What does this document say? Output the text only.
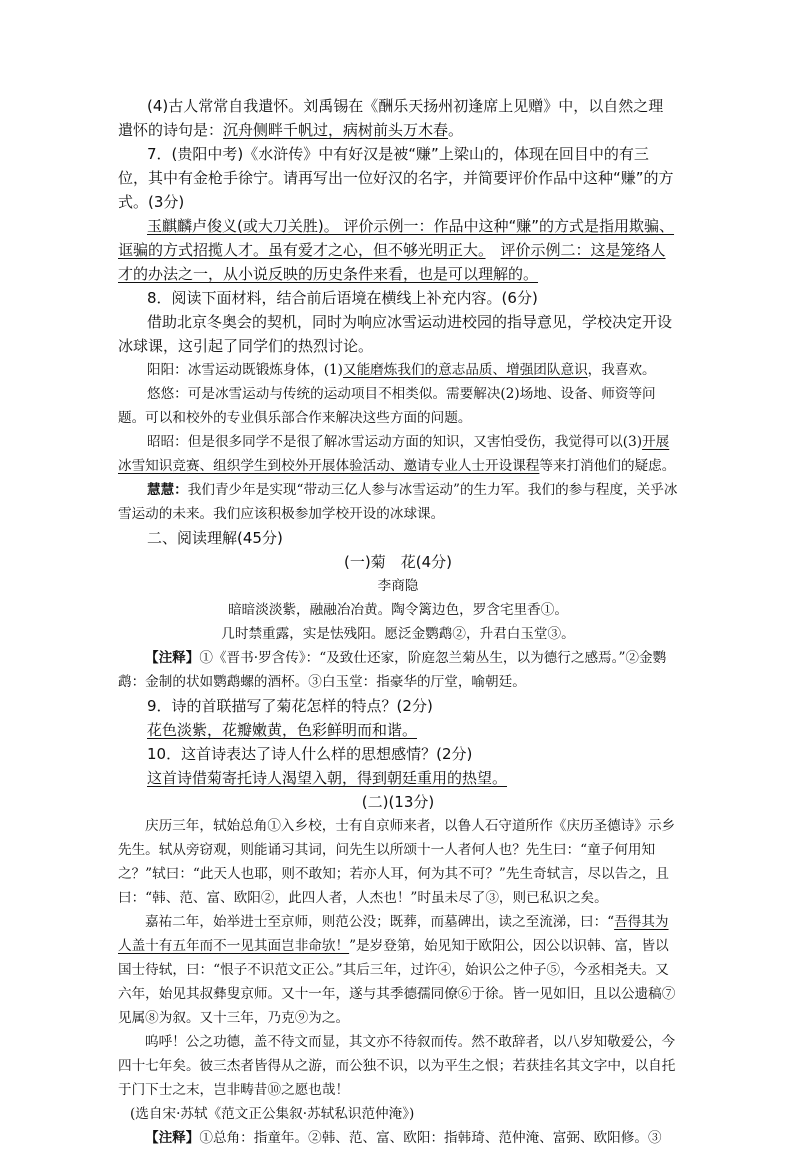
(4)古人常常自我遣怀。刘禹锡在《酬乐天扬州初逢席上见赠》中，以自然之理遣怀的诗句是：沉舟侧畔千帆过，病树前头万木春。

7．(贵阳中考)《水浒传》中有好汉是被“赚”上梁山的，体现在回目中的有三位，其中有金枪手徐宁。请再写出一位好汉的名字，并简要评价作品中这种“赚”的方式。(3分)

玉麒麟卢俊义(或大刀关胜)。 评价示例一：作品中这种“赚”的方式是指用欺骗、诓骗的方式招揽人才。虽有爱才之心，但不够光明正大。　 评价示例二：这是笼络人才的办法之一，从小说反映的历史条件来看，也是可以理解的。

8．阅读下面材料，结合前后语境在横线上补充内容。(6分)

借助北京冬奥会的契机，同时为响应冰雪运动进校园的指导意见，学校决定开设冰球课，这引起了同学们的热烈讨论。

阳阳：冰雪运动既锻炼身体，(1)又能磨炼我们的意志品质、增强团队意识，我喜欢。

悠悠：可是冰雪运动与传统的运动项目不相类似。需要解决(2)场地、设备、师资等问题。可以和校外的专业俱乐部合作来解决这些方面的问题。

昭昭：但是很多同学不是很了解冰雪运动方面的知识，又害怕受伤，我觉得可以(3)开展冰雪知识竞赛、组织学生到校外开展体验活动、邀请专业人士开设课程等来打消他们的疑虑。

慧慧：我们青少年是实现“带动三亿人参与冰雪运动”的生力军。我们的参与程度，关乎冰雪运动的未来。我们应该积极参加学校开设的冰球课。

二、阅读理解(45分)

(一)菊　花(4分)

李商隐

暗暗淡淡紫，融融冶冶黄。陶令篱边色，罗含宅里香①。

几时禁重露，实是怯残阳。愿泛金鹦鹉②，升君白玉堂③。

【注释】①《晋书·罗含传》：“及致仕还家，阶庭忽兰菊丛生，以为德行之感焉。”②金鹦鹉：金制的状如鹦鹉螺的酒杯。③白玉堂：指豪华的厅堂，喻朝廷。

9．诗的首联描写了菊花怎样的特点？(2分)

花色淡紫，花瓣嫩黄，色彩鲜明而和谐。

10．这首诗表达了诗人什么样的思想感情？(2分)

这首诗借菊寄托诗人渴望入朝，得到朝廷重用的热望。

(二)(13分)

庆历三年，轼始总角①入乡校，士有自京师来者，以鲁人石守道所作《庆历圣德诗》示乡先生。轼从旁窃观，则能诵习其词，问先生以所颂十一人者何人也？先生曰：“童子何用知之？”轼曰：“此天人也耶，则不敢知；若亦人耳，何为其不可？”先生奇轼言，尽以告之，且曰：“韩、范、富、欧阳②，此四人者，人杰也！”时虽未尽了③，则已私识之矣。

嘉祐二年，始举进士至京师，则范公没；既葬，而墓碑出，读之至流涕，曰：“吾得其为人盖十有五年而不一见其面岂非命欤！”是岁登第，始见知于欧阳公，因公以识韩、富，皆以国士待轼，曰：“恨子不识范文正公。”其后三年，过许④，始识公之仲子⑤，今丞相尧夫。又六年，始见其叔彝叟京师。又十一年，遂与其季德孺同僚⑥于徐。皆一见如旧，且以公遗稿⑦见属⑧为叙。又十三年，乃克⑨为之。

呜呼！公之功德，盖不待文而显，其文亦不待叙而传。然不敢辞者，以八岁知敬爱公，今四十七年矣。彼三杰者皆得从之游，而公独不识，以为平生之恨；若获挂名其文字中，以自托于门下士之末，岂非畴昔⑩之愿也哉！

(选自宋·苏轼《范文正公集叙·苏轼私识范仲淹》)

【注释】①总角：指童年。②韩、范、富、欧阳：指韩琦、范仲淹、富弼、欧阳修。③
